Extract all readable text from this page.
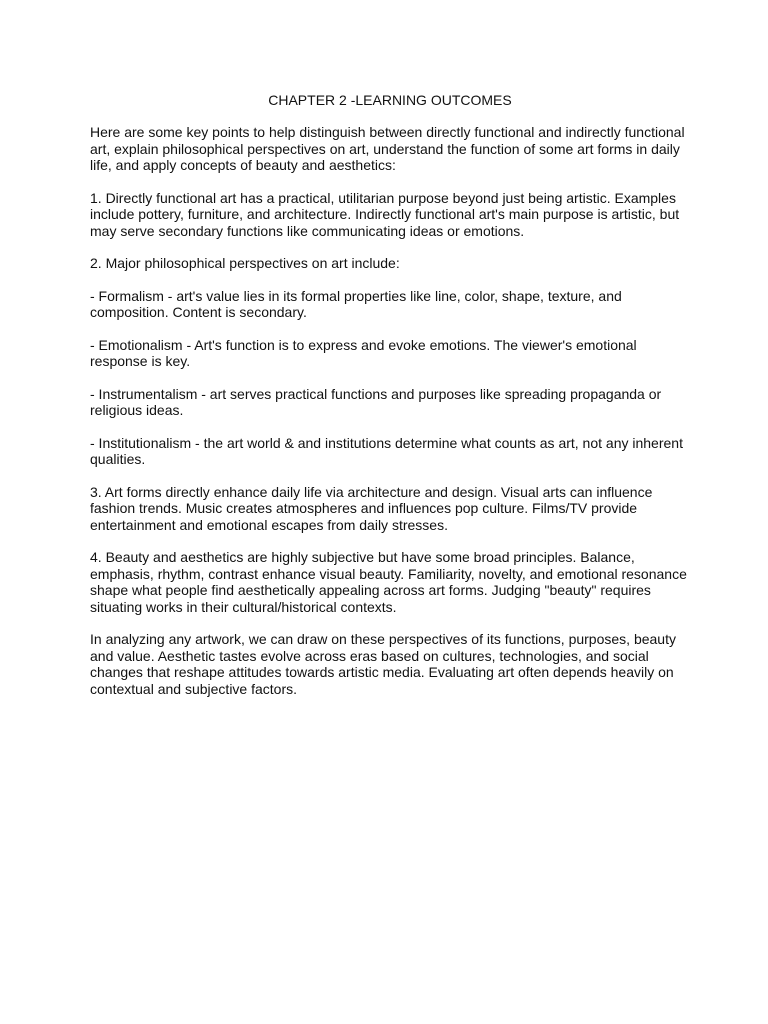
CHAPTER 2 -LEARNING OUTCOMES

Here are some key points to help distinguish between directly functional and indirectly functional art, explain philosophical perspectives on art, understand the function of some art forms in daily life, and apply concepts of beauty and aesthetics:

1. Directly functional art has a practical, utilitarian purpose beyond just being artistic. Examples include pottery, furniture, and architecture. Indirectly functional art's main purpose is artistic, but may serve secondary functions like communicating ideas or emotions.

2. Major philosophical perspectives on art include:

- Formalism - art's value lies in its formal properties like line, color, shape, texture, and composition. Content is secondary.

- Emotionalism - Art's function is to express and evoke emotions. The viewer's emotional response is key.

- Instrumentalism - art serves practical functions and purposes like spreading propaganda or religious ideas.

- Institutionalism - the art world & and institutions determine what counts as art, not any inherent qualities.

3. Art forms directly enhance daily life via architecture and design. Visual arts can influence fashion trends. Music creates atmospheres and influences pop culture. Films/TV provide entertainment and emotional escapes from daily stresses.

4. Beauty and aesthetics are highly subjective but have some broad principles. Balance, emphasis, rhythm, contrast enhance visual beauty. Familiarity, novelty, and emotional resonance shape what people find aesthetically appealing across art forms. Judging "beauty" requires situating works in their cultural/historical contexts.

In analyzing any artwork, we can draw on these perspectives of its functions, purposes, beauty and value. Aesthetic tastes evolve across eras based on cultures, technologies, and social changes that reshape attitudes towards artistic media. Evaluating art often depends heavily on contextual and subjective factors.
